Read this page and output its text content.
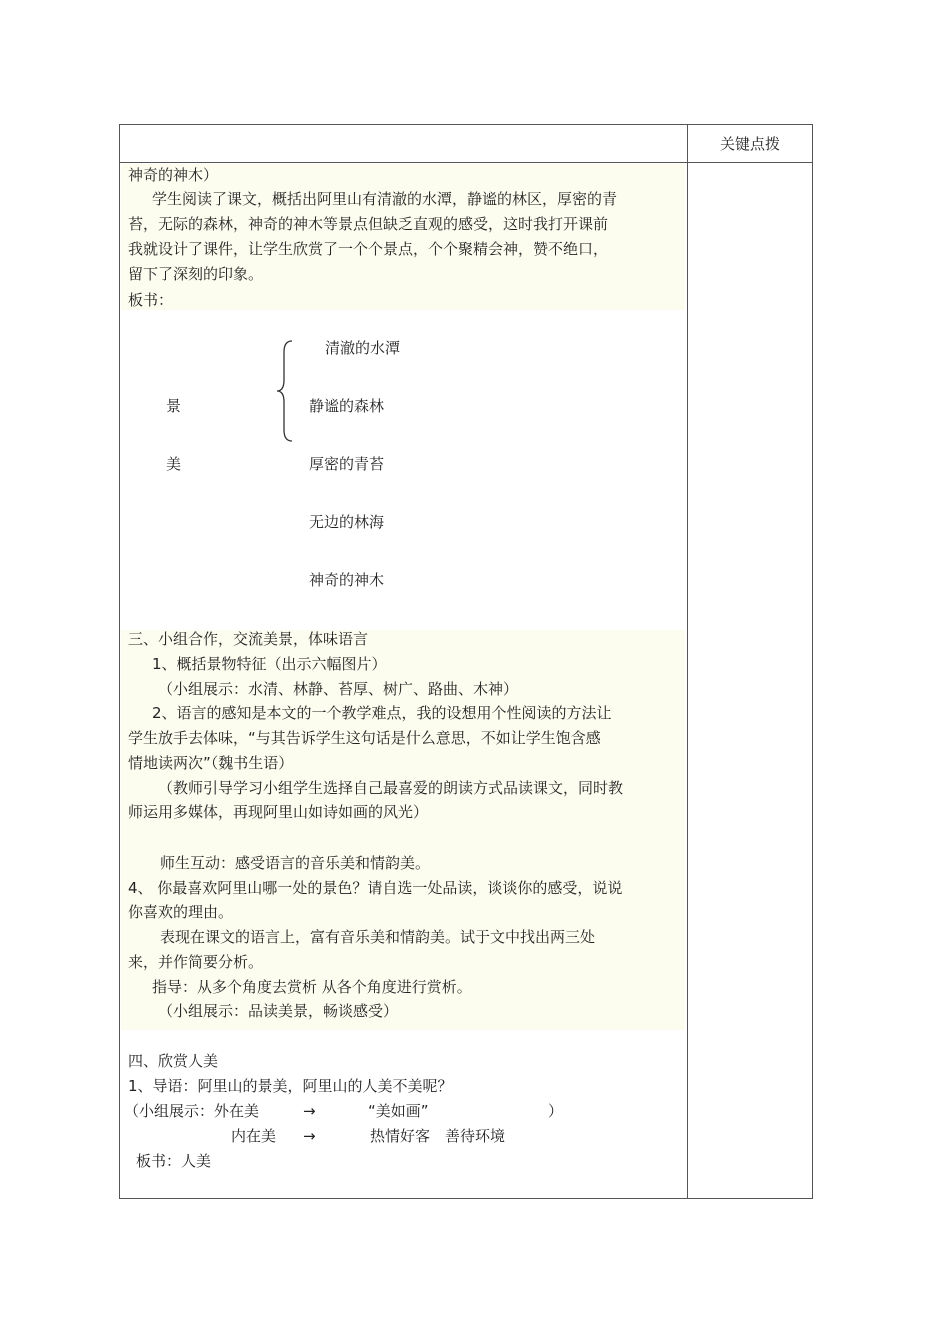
关键点拨
神奇的神木）
学生阅读了课文，概括出阿里山有清澈的水潭，静谧的林区，厚密的青
苔，无际的森林，神奇的神木等景点但缺乏直观的感受，这时我打开课前
我就设计了课件，让学生欣赏了一个个景点，个个聚精会神，赞不绝口，
留下了深刻的印象。
板书：
景
美
清澈的水潭
静谧的森林
厚密的青苔
无边的林海
神奇的神木
三、小组合作，交流美景，体味语言
1、概括景物特征（出示六幅图片）
（小组展示：水清、林静、苔厚、树广、路曲、木神）
2、语言的感知是本文的一个教学难点，我的设想用个性阅读的方法让
学生放手去体味，“与其告诉学生这句话是什么意思，不如让学生饱含感
情地读两次”（魏书生语）
（教师引导学习小组学生选择自己最喜爱的朗读方式品读课文，同时教
师运用多媒体，再现阿里山如诗如画的风光）
师生互动：感受语言的音乐美和情韵美。
4、 你最喜欢阿里山哪一处的景色？请自选一处品读，谈谈你的感受，说说
你喜欢的理由。
表现在课文的语言上，富有音乐美和情韵美。试于文中找出两三处
来，并作简要分析。
指导：从多个角度去赏析 从各个角度进行赏析。
（小组展示：品读美景，畅谈感受）
四、欣赏人美
1、导语：阿里山的景美，阿里山的人美不美呢？
（小组展示：外在美	→	“美如画”	）
内在美 →	热情好客　善待环境
板书：人美
